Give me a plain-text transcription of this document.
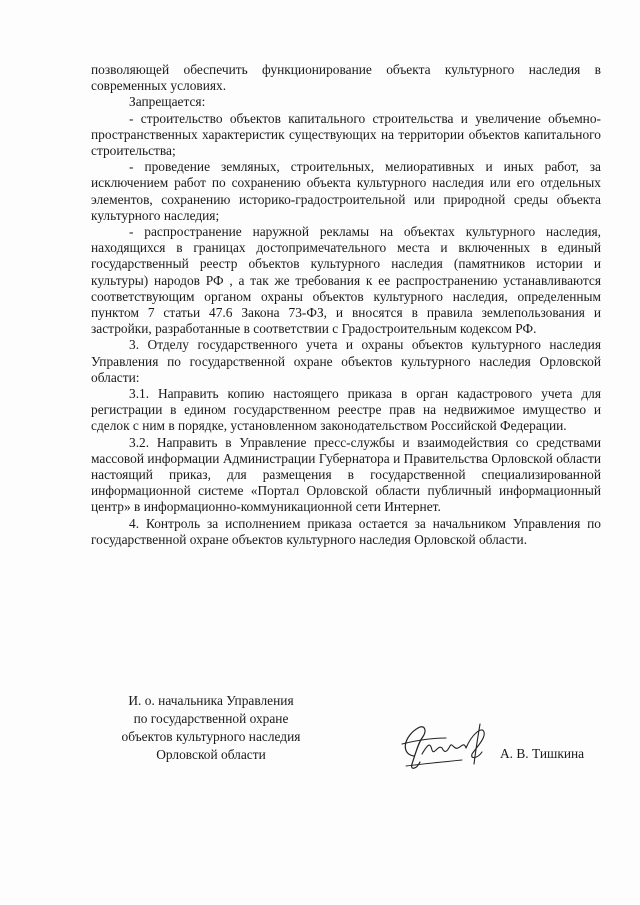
позволяющей обеспечить функционирование объекта культурного наследия в современных условиях.

Запрещается:

- строительство объектов капитального строительства и увеличение объемно-пространственных характеристик существующих на территории объектов капитального строительства;

- проведение земляных, строительных, мелиоративных и иных работ, за исключением работ по сохранению объекта культурного наследия или его отдельных элементов, сохранению историко-градостроительной или природной среды объекта культурного наследия;

- распространение наружной рекламы на объектах культурного наследия, находящихся в границах достопримечательного места и включенных в единый государственный реестр объектов культурного наследия (памятников истории и культуры) народов РФ , а так же требования к ее распространению устанавливаются соответствующим органом охраны объектов культурного наследия, определенным пунктом 7 статьи 47.6 Закона 73-ФЗ, и вносятся в правила землепользования и застройки, разработанные в соответствии с Градостроительным кодексом РФ.

3. Отделу государственного учета и охраны объектов культурного наследия Управления по государственной охране объектов культурного наследия Орловской области:

3.1. Направить копию настоящего приказа в орган кадастрового учета для регистрации в едином государственном реестре прав на недвижимое имущество и сделок с ним в порядке, установленном законодательством Российской Федерации.

3.2. Направить в Управление пресс-службы и взаимодействия со средствами массовой информации Администрации Губернатора и Правительства Орловской области настоящий приказ, для размещения в государственной специализированной информационной системе «Портал Орловской области публичный информационный центр» в информационно-коммуникационной сети Интернет.

4. Контроль за исполнением приказа остается за начальником Управления по государственной охране объектов культурного наследия Орловской области.

И. о. начальника Управления
по государственной охране
объектов культурного наследия
Орловской области	А. В. Тишкина
